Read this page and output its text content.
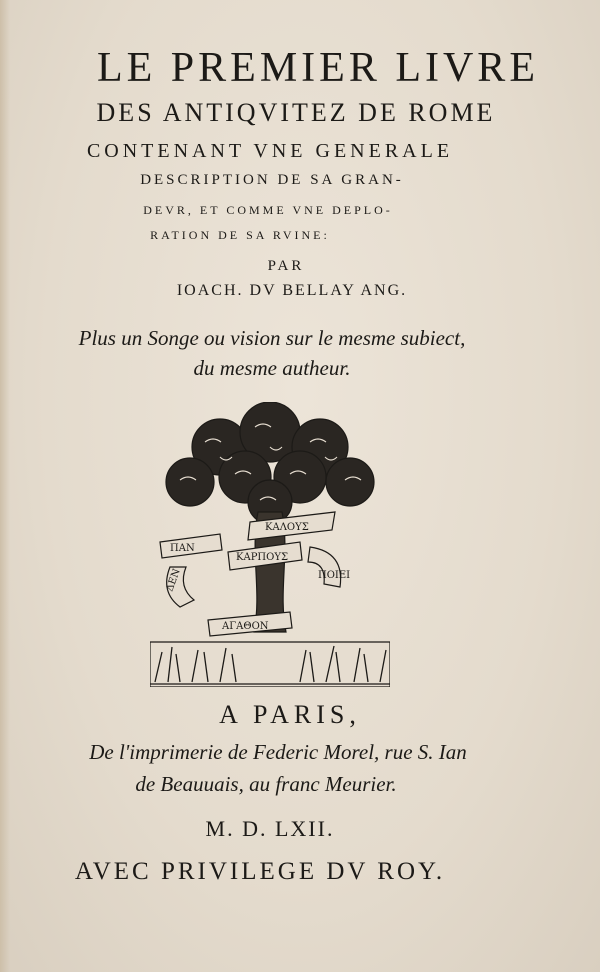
LE PREMIER LIVRE
DES ANTIQVITEZ DE ROME
CONTENANT VNE GENERALE
DESCRIPTION DE SA GRAN-
DEVR, ET COMME VNE DEPLO-
RATION DE SA RVINE:
PAR
IOACH. DV BELLAY ANG.
Plus un Songe ou vision sur le mesme subiect,
du mesme autheur.
ΚΑΛΟΥΣ
ΠΑΝ
ΔΕΝ
ΚΑΡΠΟΥΣ
ΠΟΙΕΙ
ΑΓΑΘΟΝ
A PARIS,
De l'imprimerie de Federic Morel, rue S. Ian
de Beauuais, au franc Meurier.
M. D. LXII.
AVEC PRIVILEGE DV ROY.
